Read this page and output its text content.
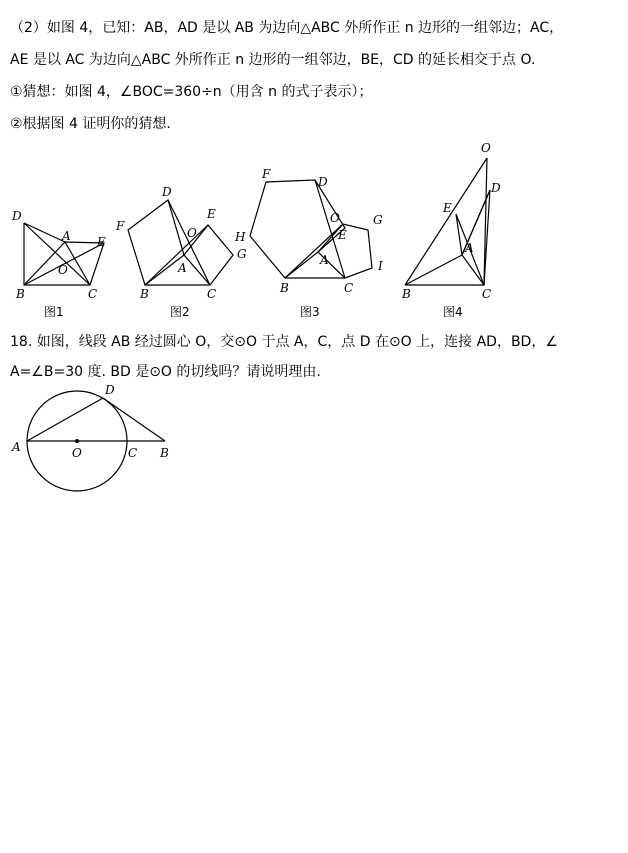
（2）如图 4，已知：AB，AD 是以 AB 为边向△ABC 外所作正 n 边形的一组邻边；AC，
AE 是以 AC 为边向△ABC 外所作正 n 边形的一组邻边，BE，CD 的延长相交于点 O.
①猜想：如图 4，∠BOC=360÷n（用含 n 的式子表示）；
②根据图 4 证明你的猜想.
D
A E
O
B	C
图1
D
F
E
O
A
G
B	C
图2
F
D
H
O	G
E
A	I
B	C
图3
O
D
E
A
B	C
图4
18. 如图，线段 AB 经过圆心 O，交⊙O 于点 A，C，点 D 在⊙O 上，连接 AD，BD，∠
A=∠B=30 度. BD 是⊙O 的切线吗？请说明理由.
A	O	C B
D
